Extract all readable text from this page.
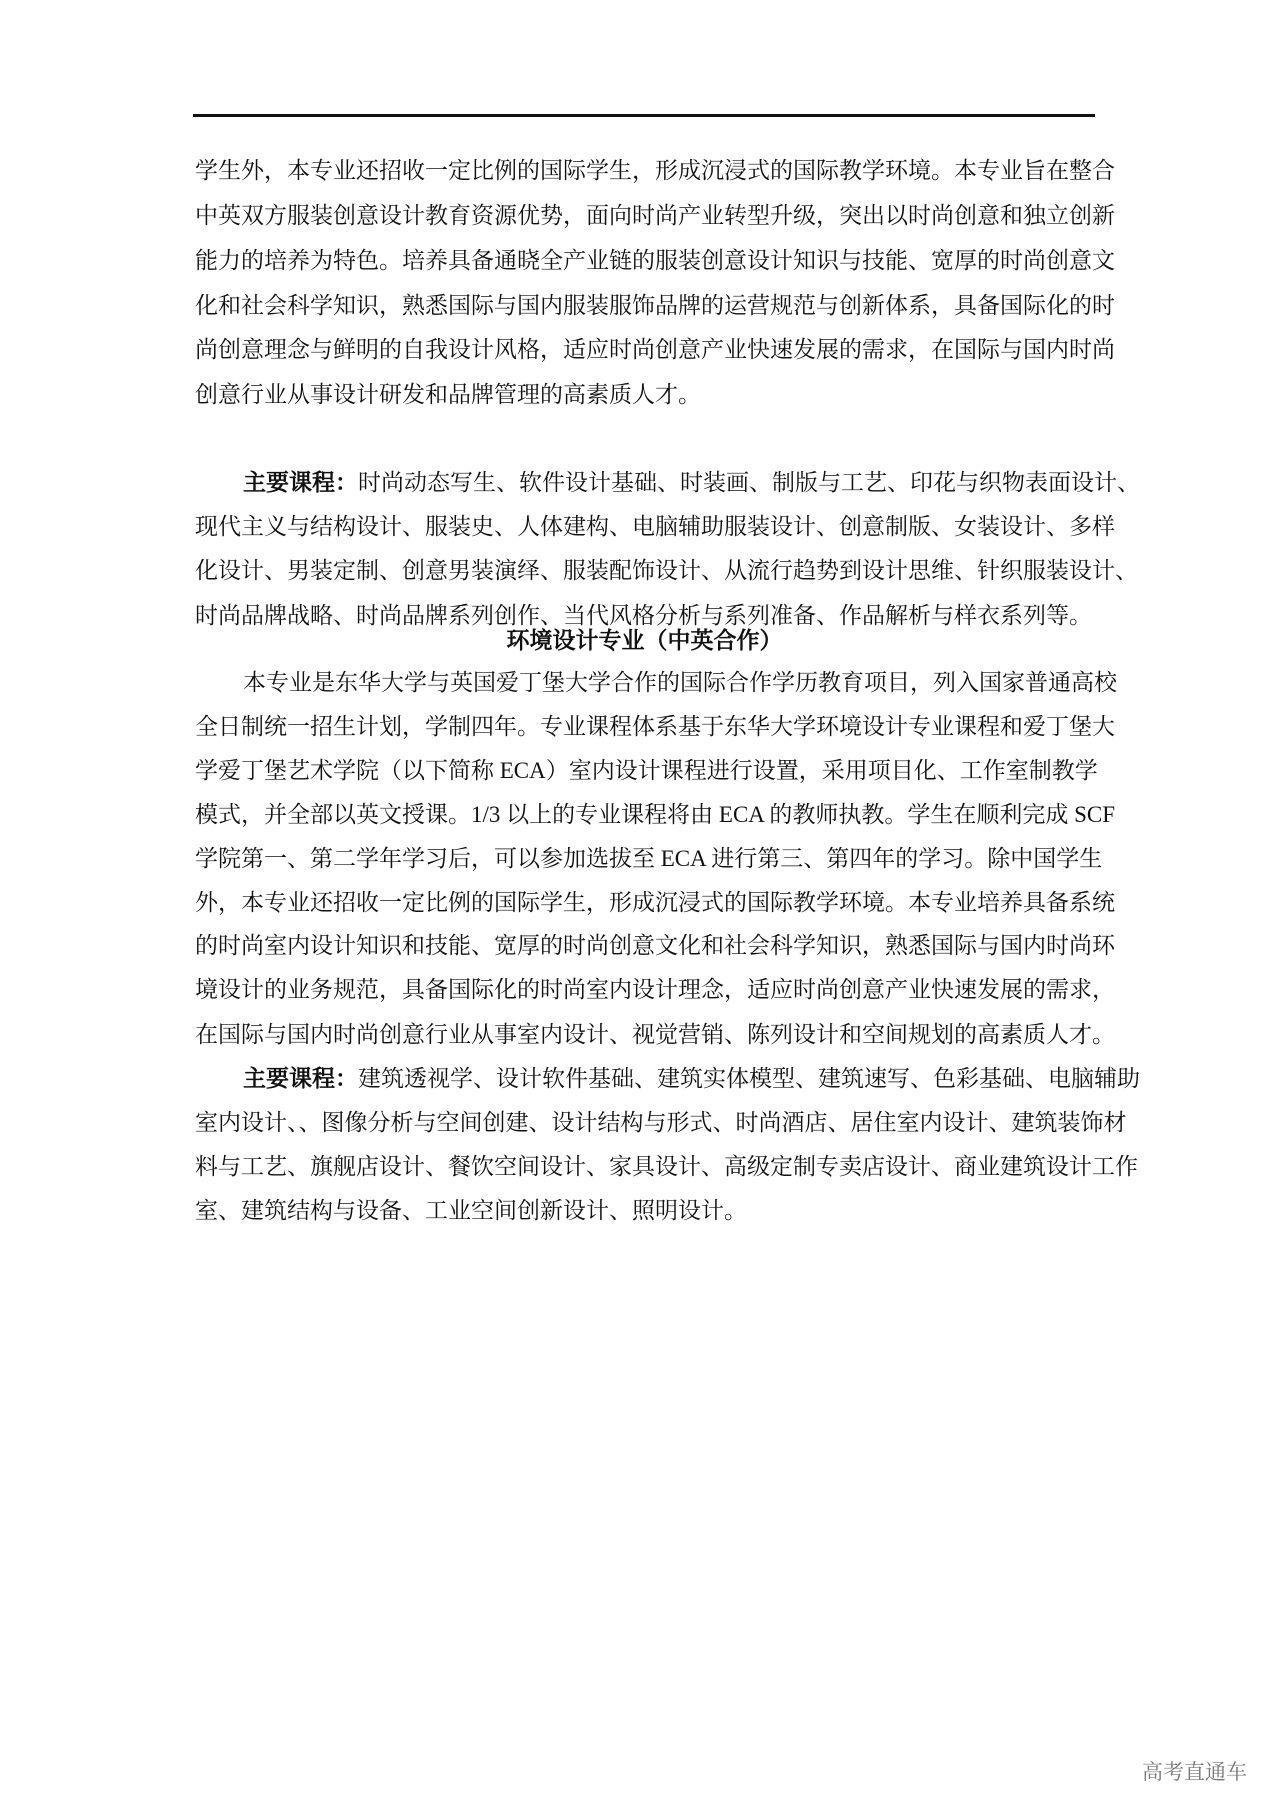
学生外，本专业还招收一定比例的国际学生，形成沉浸式的国际教学环境。本专业旨在整合
中英双方服装创意设计教育资源优势，面向时尚产业转型升级，突出以时尚创意和独立创新
能力的培养为特色。培养具备通晓全产业链的服装创意设计知识与技能、宽厚的时尚创意文
化和社会科学知识，熟悉国际与国内服装服饰品牌的运营规范与创新体系，具备国际化的时
尚创意理念与鲜明的自我设计风格，适应时尚创意产业快速发展的需求，在国际与国内时尚
创意行业从事设计研发和品牌管理的高素质人才。
主要课程： 时尚动态写生、软件设计基础、时装画、制版与工艺、印花与织物表面设计、
现代主义与结构设计、服装史、人体建构、电脑辅助服装设计、创意制版、女装设计、多样
化设计、男装定制、创意男装演绎、服装配饰设计、从流行趋势到设计思维、针织服装设计、
时尚品牌战略、时尚品牌系列创作、当代风格分析与系列准备、作品解析与样衣系列等。
环境设计专业（中英合作）
本专业是东华大学与英国爱丁堡大学合作的国际合作学历教育项目，列入国家普通高校
全日制统一招生计划，学制四年。专业课程体系基于东华大学环境设计专业课程和爱丁堡大
学爱丁堡艺术学院（以下简称 ECA）室内设计课程进行设置，采用项目化、工作室制教学
模式，并全部以英文授课。1/3 以上的专业课程将由 ECA 的教师执教。学生在顺利完成 SCF
学院第一、第二学年学习后，可以参加选拔至 ECA 进行第三、第四年的学习。除中国学生
外，本专业还招收一定比例的国际学生，形成沉浸式的国际教学环境。本专业培养具备系统
的时尚室内设计知识和技能、宽厚的时尚创意文化和社会科学知识，熟悉国际与国内时尚环
境设计的业务规范，具备国际化的时尚室内设计理念，适应时尚创意产业快速发展的需求，
在国际与国内时尚创意行业从事室内设计、视觉营销、陈列设计和空间规划的高素质人才。
主要课程： 建筑透视学、设计软件基础、建筑实体模型、建筑速写、色彩基础、电脑辅助
室内设计、、图像分析与空间创建、设计结构与形式、时尚酒店、居住室内设计、建筑装饰材
料与工艺、旗舰店设计、餐饮空间设计、家具设计、高级定制专卖店设计、商业建筑设计工作
室、建筑结构与设备、工业空间创新设计、照明设计。
高考直通车
